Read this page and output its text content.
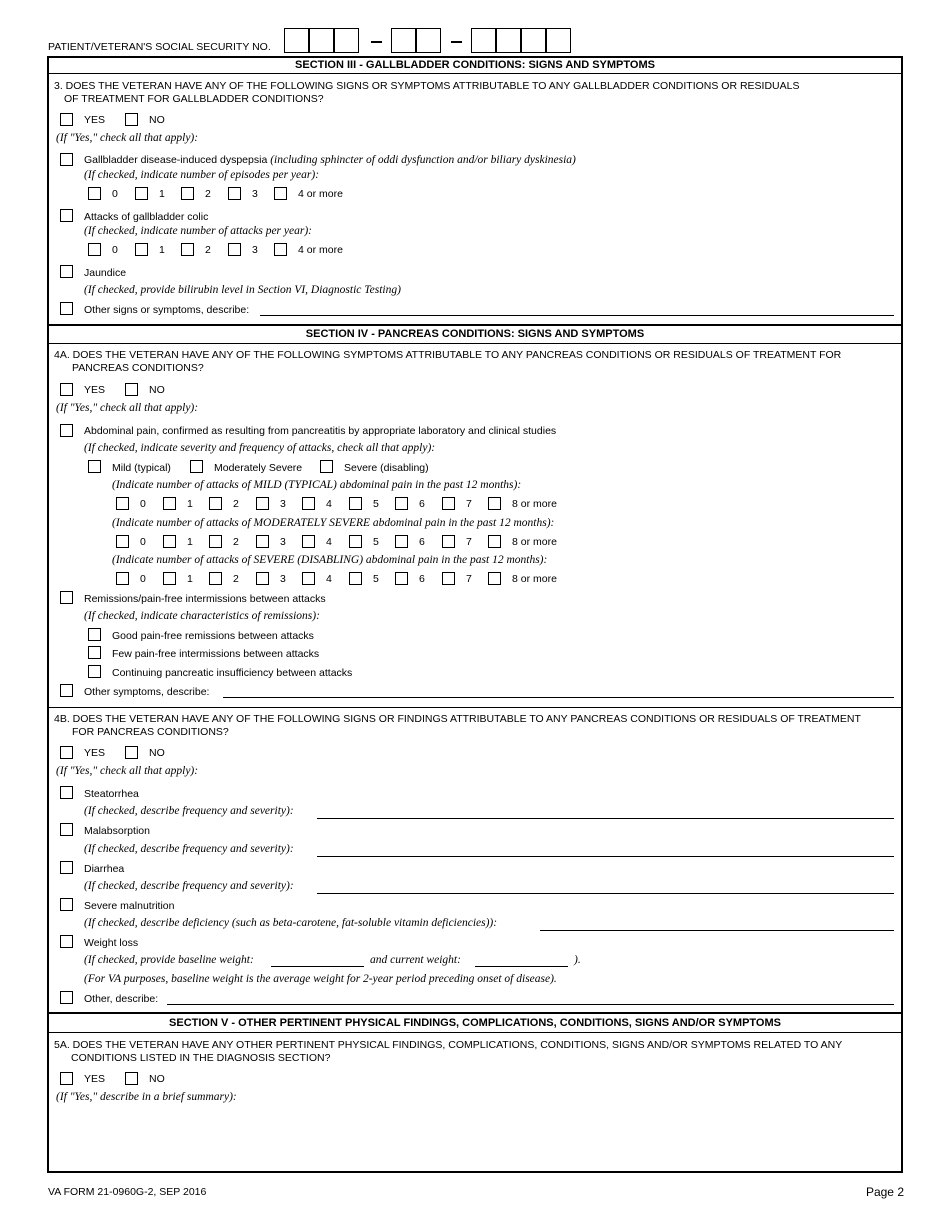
PATIENT/VETERAN'S SOCIAL SECURITY NO.
SECTION III - GALLBLADDER CONDITIONS: SIGNS AND SYMPTOMS
3. DOES THE VETERAN HAVE ANY OF THE FOLLOWING SIGNS OR SYMPTOMS ATTRIBUTABLE TO ANY GALLBLADDER CONDITIONS OR RESIDUALS
OF TREATMENT FOR GALLBLADDER CONDITIONS?
YES	NO
(If "Yes," check all that apply):
Gallbladder disease-induced dyspepsia (including sphincter of oddi dysfunction and/or biliary dyskinesia)
(If checked, indicate number of episodes per year):
0	1	2	3	4 or more
Attacks of gallbladder colic
(If checked, indicate number of attacks per year):
0	1	2	3	4 or more
Jaundice
(If checked, provide bilirubin level in Section VI, Diagnostic Testing)
Other signs or symptoms, describe:
SECTION IV - PANCREAS CONDITIONS: SIGNS AND SYMPTOMS
4A. DOES THE VETERAN HAVE ANY OF THE FOLLOWING SYMPTOMS ATTRIBUTABLE TO ANY PANCREAS CONDITIONS OR RESIDUALS OF TREATMENT FOR
PANCREAS CONDITIONS?
YES	NO
(If "Yes," check all that apply):
Abdominal pain, confirmed as resulting from pancreatitis by appropriate laboratory and clinical studies
(If checked, indicate severity and frequency of attacks, check all that apply):
Mild (typical)	Moderately Severe	Severe (disabling)
(Indicate number of attacks of MILD (TYPICAL) abdominal pain in the past 12 months):
0	1	2	3	4	5	6	7	8 or more
(Indicate number of attacks of MODERATELY SEVERE abdominal pain in the past 12 months):
0	1	2	3	4	5	6	7	8 or more
(Indicate number of attacks of SEVERE (DISABLING) abdominal pain in the past 12 months):
0	1	2	3	4	5	6	7	8 or more
Remissions/pain-free intermissions between attacks
(If checked, indicate characteristics of remissions):
Good pain-free remissions between attacks
Few pain-free intermissions between attacks
Continuing pancreatic insufficiency between attacks
Other symptoms, describe:
4B. DOES THE VETERAN HAVE ANY OF THE FOLLOWING SIGNS OR FINDINGS ATTRIBUTABLE TO ANY PANCREAS CONDITIONS OR RESIDUALS OF TREATMENT
FOR PANCREAS CONDITIONS?
YES	NO
(If "Yes," check all that apply):
Steatorrhea
(If checked, describe frequency and severity):
Malabsorption
(If checked, describe frequency and severity):
Diarrhea
(If checked, describe frequency and severity):
Severe malnutrition
(If checked, describe deficiency (such as beta-carotene, fat-soluble vitamin deficiencies)):
Weight loss
(If checked, provide baseline weight:	and current weight:	).
(For VA purposes, baseline weight is the average weight for 2-year period preceding onset of disease).
Other, describe:
SECTION V - OTHER PERTINENT PHYSICAL FINDINGS, COMPLICATIONS, CONDITIONS, SIGNS AND/OR SYMPTOMS
5A. DOES THE VETERAN HAVE ANY OTHER PERTINENT PHYSICAL FINDINGS, COMPLICATIONS, CONDITIONS, SIGNS AND/OR SYMPTOMS RELATED TO ANY
CONDITIONS LISTED IN THE DIAGNOSIS SECTION?
YES	NO
(If "Yes," describe in a brief summary):
VA FORM 21-0960G-2, SEP 2016	Page 2
